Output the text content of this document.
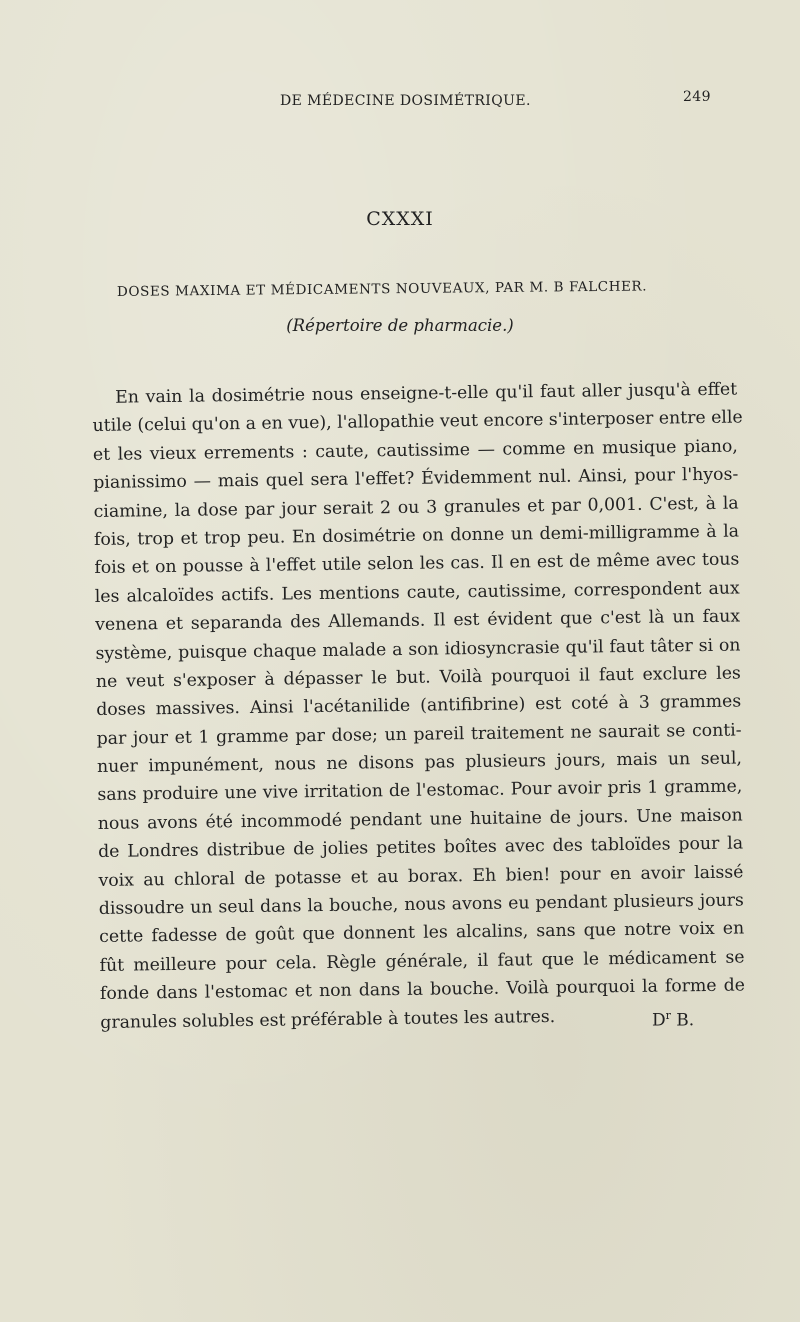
DE MÉDECINE DOSIMÉTRIQUE.	249
CXXXI
DOSES MAXIMA ET MÉDICAMENTS NOUVEAUX, PAR M. B FALCHER.
(Répertoire de pharmacie.)
En vain la dosimétrie nous enseigne-t-elle qu'il faut aller jusqu'à effet
utile (celui qu'on a en vue), l'allopathie veut encore s'interposer entre elle
et les vieux errements : caute, cautissime — comme en musique piano,
pianissimo — mais quel sera l'effet? Évidemment nul. Ainsi, pour l'hyos-
ciamine, la dose par jour serait 2 ou 3 granules et par 0,001. C'est, à la
fois, trop et trop peu. En dosimétrie on donne un demi-milligramme à la
fois et on pousse à l'effet utile selon les cas. Il en est de même avec tous
les alcaloïdes actifs. Les mentions caute, cautissime, correspondent aux
venena et separanda des Allemands. Il est évident que c'est là un faux
système, puisque chaque malade a son idiosyncrasie qu'il faut tâter si on
ne veut s'exposer à dépasser le but. Voilà pourquoi il faut exclure les
doses massives. Ainsi l'acétanilide (antifibrine) est coté à 3 grammes
par jour et 1 gramme par dose; un pareil traitement ne saurait se conti-
nuer impunément, nous ne disons pas plusieurs jours, mais un seul,
sans produire une vive irritation de l'estomac. Pour avoir pris 1 gramme,
nous avons été incommodé pendant une huitaine de jours. Une maison
de Londres distribue de jolies petites boîtes avec des tabloïdes pour la
voix au chloral de potasse et au borax. Eh bien! pour en avoir laissé
dissoudre un seul dans la bouche, nous avons eu pendant plusieurs jours
cette fadesse de goût que donnent les alcalins, sans que notre voix en
fût meilleure pour cela. Règle générale, il faut que le médicament se
fonde dans l'estomac et non dans la bouche. Voilà pourquoi la forme de
granules solubles est préférable à toutes les autres.	$D^r$ B.
